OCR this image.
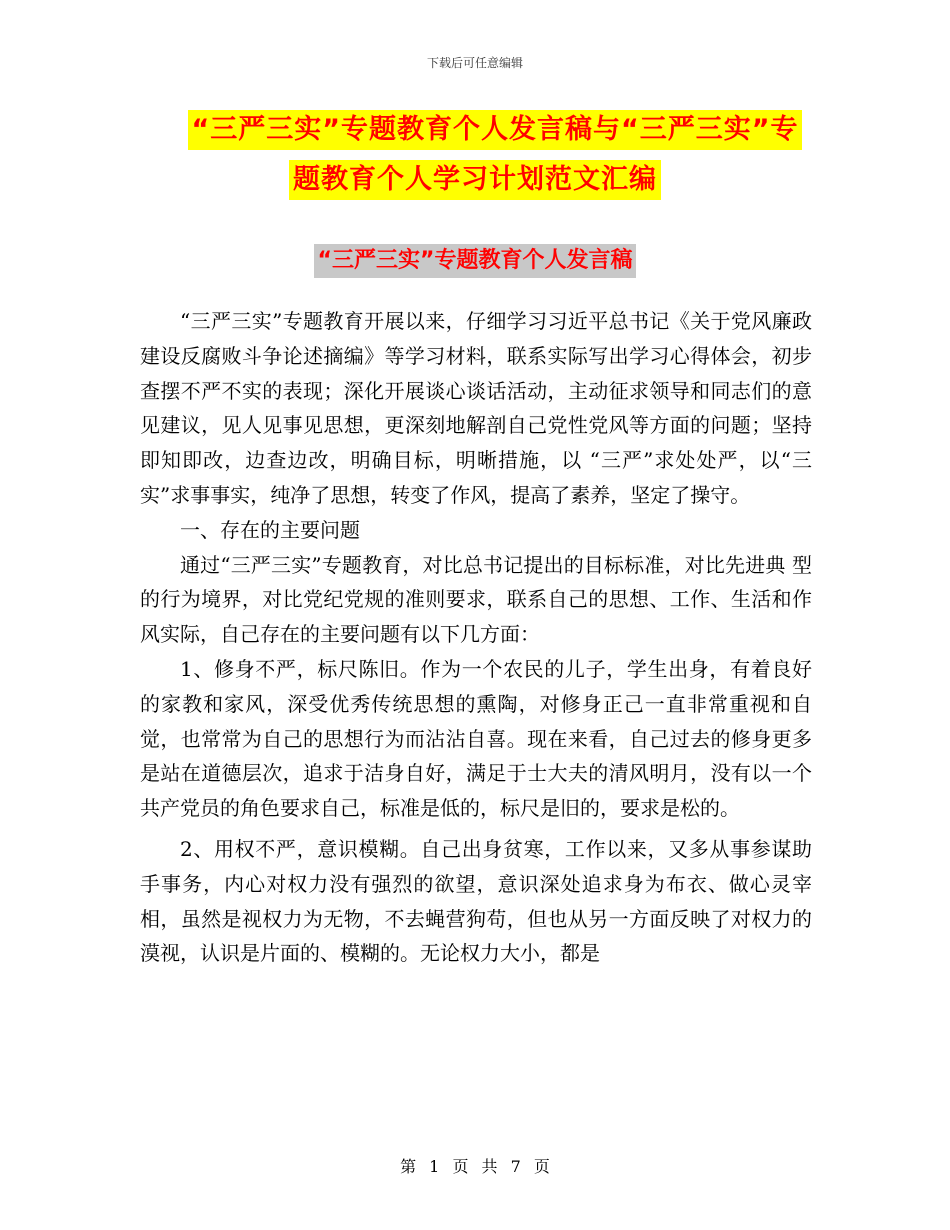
下载后可任意编辑
“三严三实”专题教育个人发言稿与“三严三实”专
题教育个人学习计划范文汇编
“三严三实”专题教育个人发言稿

“三严三实”专题教育开展以来，仔细学习习近平总书记《关于党风廉政建设反腐败斗争论述摘编》等学习材料，联系实际写出学习心得体会，初步查摆不严不实的表现；深化开展谈心谈话活动，主动征求领导和同志们的意见建议，见人见事见思想，更深刻地解剖自己党性党风等方面的问题；坚持即知即改，边查边改，明确目标，明晰措施，以 “三严”求处处严，以“三实”求事事实，纯净了思想，转变了作风，提高了素养，坚定了操守。

一、存在的主要问题

通过“三严三实”专题教育，对比总书记提出的目标标准，对比先进典 型的行为境界，对比党纪党规的准则要求，联系自己的思想、工作、生活和作风实际，自己存在的主要问题有以下几方面：

1、修身不严，标尺陈旧。作为一个农民的儿子，学生出身，有着良好的家教和家风，深受优秀传统思想的熏陶，对修身正己一直非常重视和自觉，也常常为自己的思想行为而沾沾自喜。现在来看，自己过去的修身更多是站在道德层次，追求于洁身自好，满足于士大夫的清风明月，没有以一个共产党员的角色要求自己，标准是低的，标尺是旧的，要求是松的。

2、用权不严，意识模糊。自己出身贫寒，工作以来，又多从事参谋助手事务，内心对权力没有强烈的欲望，意识深处追求身为布衣、做心灵宰相，虽然是视权力为无物，不去蝇营狗苟，但也从另一方面反映了对权力的漠视，认识是片面的、模糊的。无论权力大小，都是

第 1 页 共 7 页
